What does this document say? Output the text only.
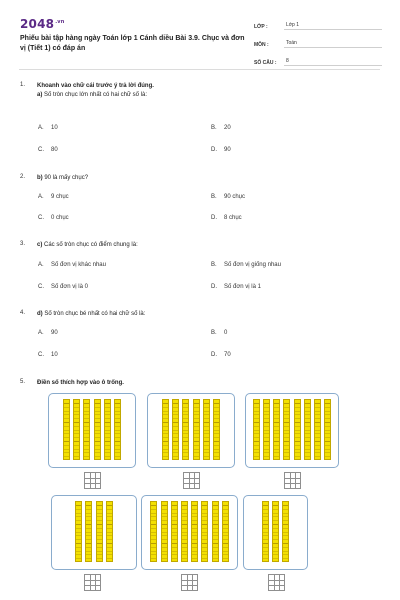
$2048^{.vn}$
Phiếu bài tập hàng ngày Toán lớp 1 Cánh diều Bài 3.9. Chục và đơn vị (Tiết 1) có đáp án
LỚP :	Lớp 1
MÔN :	Toán
SỐ CÂU :	8
1.	Khoanh vào chữ cái trước ý trả lời đúng.
a) Số tròn chục lớn nhất có hai chữ số là:
A. 10	B. 20
C. 80	D. 90
2.	b) 90 là mấy chục?
A. 9 chục	B. 90 chục
C. 0 chục	D. 8 chục
3.	c) Các số tròn chục có điểm chung là:
A. Số đơn vị khác nhau	B. Số đơn vị giống nhau
C. Số đơn vị là 0	D. Số đơn vị là 1
4.	d) Số tròn chục bé nhất có hai chữ số là:
A. 90	B. 0
C. 10	D. 70
5.	Điền số thích hợp vào ô trống.
